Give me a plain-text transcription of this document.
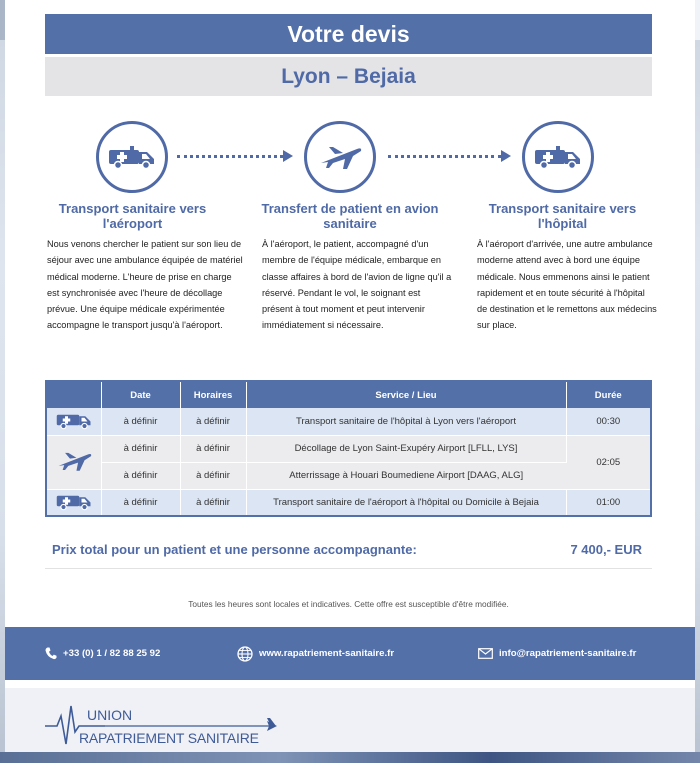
Votre devis
Lyon – Bejaia
Transport sanitaire vers l'aéroport
Transfert de patient en avion sanitaire
Transport sanitaire vers l'hôpital
Nous venons chercher le patient sur son lieu de séjour avec une ambulance équipée de matériel médical moderne. L'heure de prise en charge est synchronisée avec l'heure de décollage prévue. Une équipe médicale expérimentée accompagne le transport jusqu'à l'aéroport.
À l'aéroport, le patient, accompagné d'un membre de l'équipe médicale, embarque en classe affaires à bord de l'avion de ligne qu'il a réservé. Pendant le vol, le soignant est présent à tout moment et peut intervenir immédiatement si nécessaire.
À l'aéroport d'arrivée, une autre ambulance moderne attend avec à bord une équipe médicale. Nous emmenons ainsi le patient rapidement et en toute sécurité à l'hôpital de destination et le remettons aux médecins sur place.
	Date	Horaires	Service / Lieu	Durée
	à définir	à définir	Transport sanitaire de l'hôpital à Lyon vers l'aéroport	00:30
	à définir	à définir	Décollage de Lyon Saint-Exupéry Airport [LFLL, LYS]	02:05
	à définir	à définir	Atterrissage à Houari Boumediene Airport [DAAG, ALG]	
	à définir	à définir	Transport sanitaire de l'aéroport à l'hôpital ou Domicile à Bejaia	01:00
Prix total pour un patient et une personne accompagnante:	7 400,- EUR
Toutes les heures sont locales et indicatives. Cette offre est susceptible d'être modifiée.
+33 (0) 1 / 82 88 25 92	www.rapatriement-sanitaire.fr	info@rapatriement-sanitaire.fr
UNION
RAPATRIEMENT SANITAIRE
